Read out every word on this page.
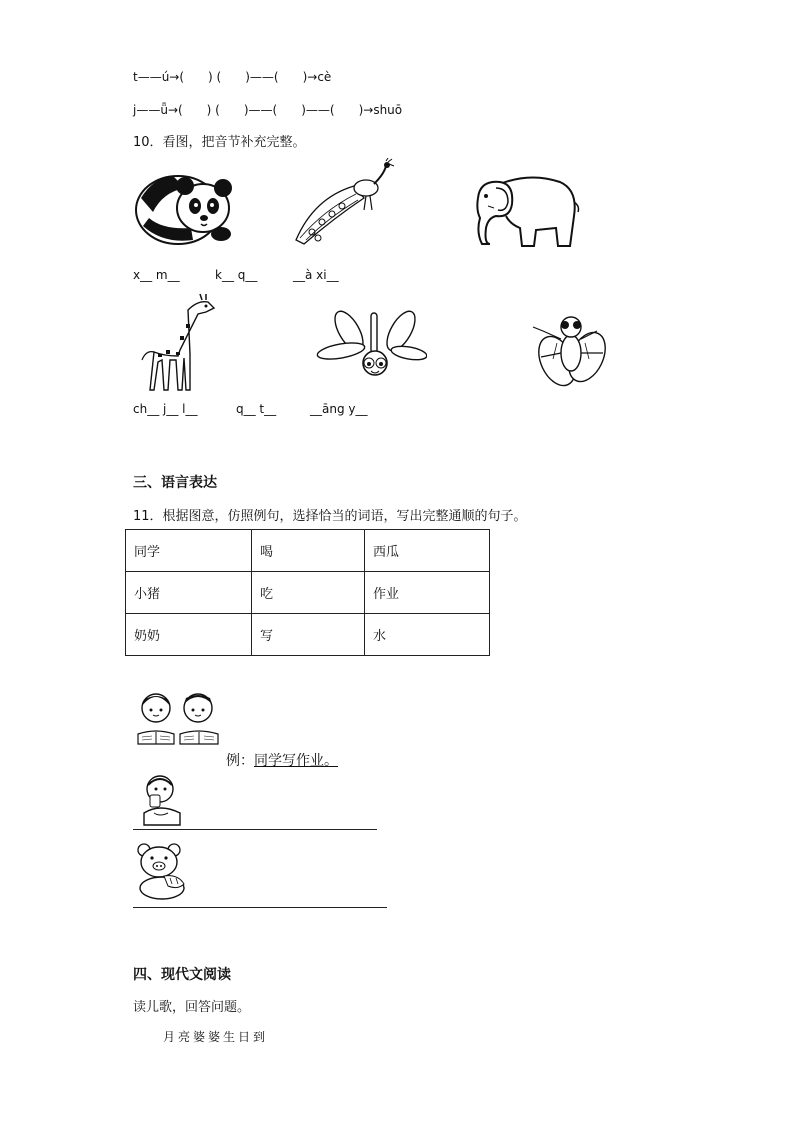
t——ú→(　　) (　　)——(　　)→cè
j——ǖ→(　　) (　　)——(　　)——(　　)→shuō
10．看图，把音节补充完整。
x__ m__	k__ q__	__à xi__
ch__ j__ l__	q__ t__	__āng y__
三、语言表达
11．根据图意，仿照例句，选择恰当的词语，写出完整通顺的句子。
同学	喝	西瓜
小猪	吃	作业
奶奶	写	水
例：同学写作业。
四、现代文阅读
读儿歌，回答问题。
月亮婆婆生日到
